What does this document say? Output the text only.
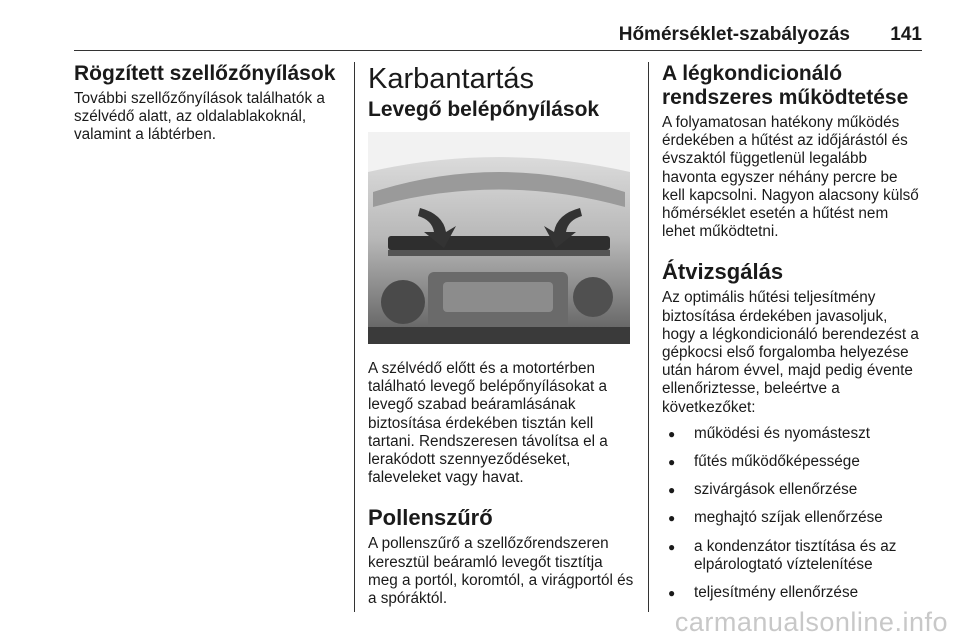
Hőmérséklet-szabályozás 141
Rögzített szellőzőnyílások

További szellőzőnyílások találhatók a szélvédő alatt, az oldalablakoknál, valamint a lábtérben.

Karbantartás
Levegő belépőnyílások

A szélvédő előtt és a motortérben található levegő belépőnyílásokat a levegő szabad beáramlásának biztosítása érdekében tisztán kell tartani. Rendszeresen távolítsa el a lerakódott szennyeződéseket, faleveleket vagy havat.

Pollenszűrő

A pollenszűrő a szellőzőrendszeren keresztül beáramló levegőt tisztítja meg a portól, koromtól, a virágportól és a spóráktól.

A légkondicionáló rendszeres működtetése

A folyamatosan hatékony működés érdekében a hűtést az időjárástól és évszaktól függetlenül legalább havonta egyszer néhány percre be kell kapcsolni. Nagyon alacsony külső hőmérséklet esetén a hűtést nem lehet működtetni.

Átvizsgálás

Az optimális hűtési teljesítmény biztosítása érdekében javasoljuk, hogy a légkondicionáló berendezést a gépkocsi első forgalomba helyezése után három évvel, majd pedig évente ellenőriztesse, beleértve a következőket:

● működési és nyomásteszt
● fűtés működőképessége
● szivárgások ellenőrzése
● meghajtó szíjak ellenőrzése
● a kondenzátor tisztítása és az elpárologtató víztelenítése
● teljesítmény ellenőrzése
carmanualsonline.info
